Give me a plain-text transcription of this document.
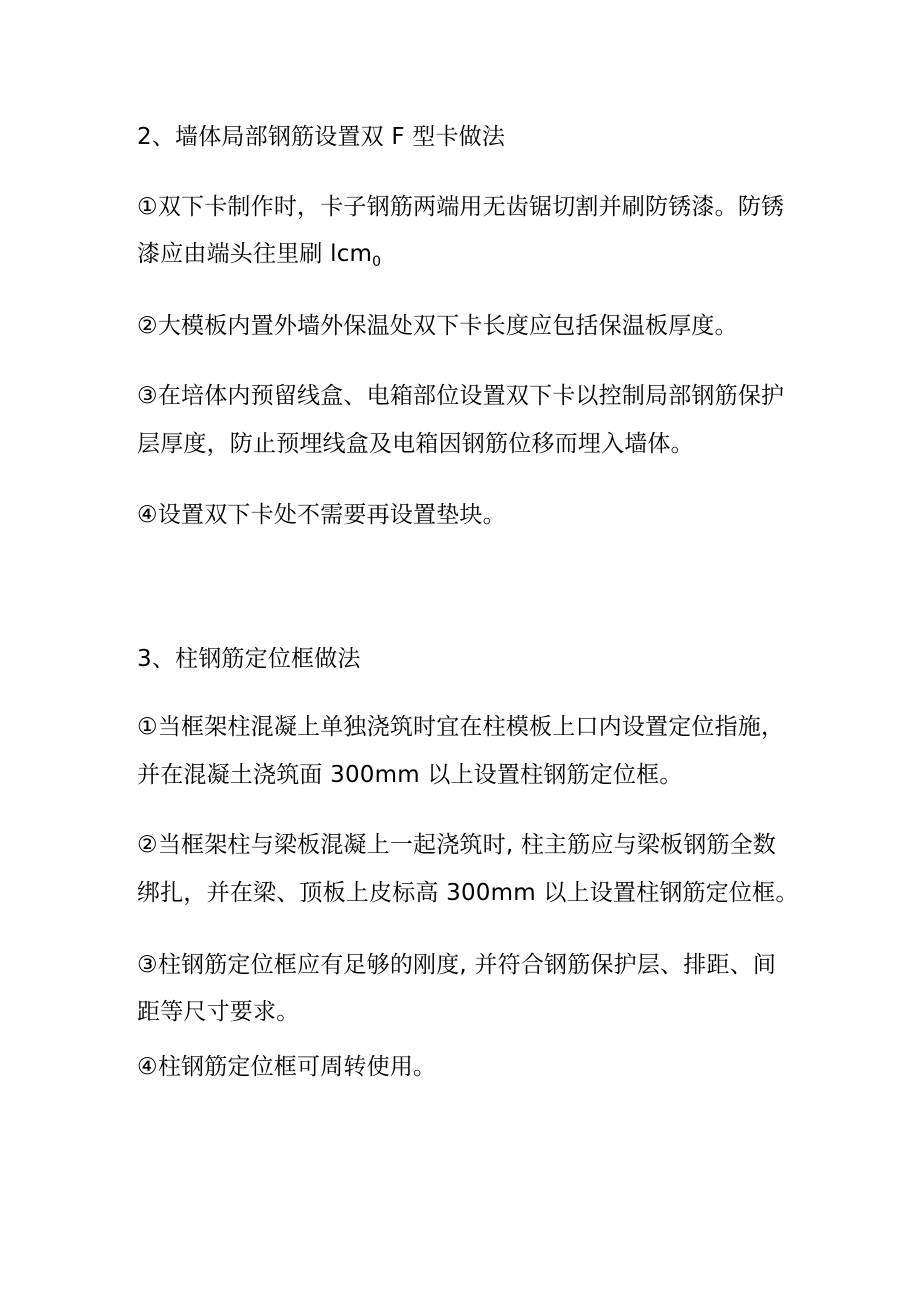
2、墙体局部钢筋设置双 F 型卡做法
①双下卡制作时，卡子钢筋两端用无齿锯切割并刷防锈漆。防锈
漆应由端头往里刷 lcm$_0$
②大模板内置外墙外保温处双下卡长度应包括保温板厚度。
③在培体内预留线盒、电箱部位设置双下卡以控制局部钢筋保护
层厚度，防止预埋线盒及电箱因钢筋位移而埋入墙体。
④设置双下卡处不需要再设置垫块。
3、柱钢筋定位框做法
①当框架柱混凝上单独浇筑时宜在柱模板上口内设置定位指施，
并在混凝土浇筑面 300mm 以上设置柱钢筋定位框。
②当框架柱与梁板混凝上一起浇筑时, 柱主筋应与梁板钢筋全数
绑扎，并在梁、顶板上皮标高 300mm 以上设置柱钢筋定位框。
③柱钢筋定位框应有足够的刚度, 并符合钢筋保护层、排距、间
距等尺寸要求。
④柱钢筋定位框可周转使用。
